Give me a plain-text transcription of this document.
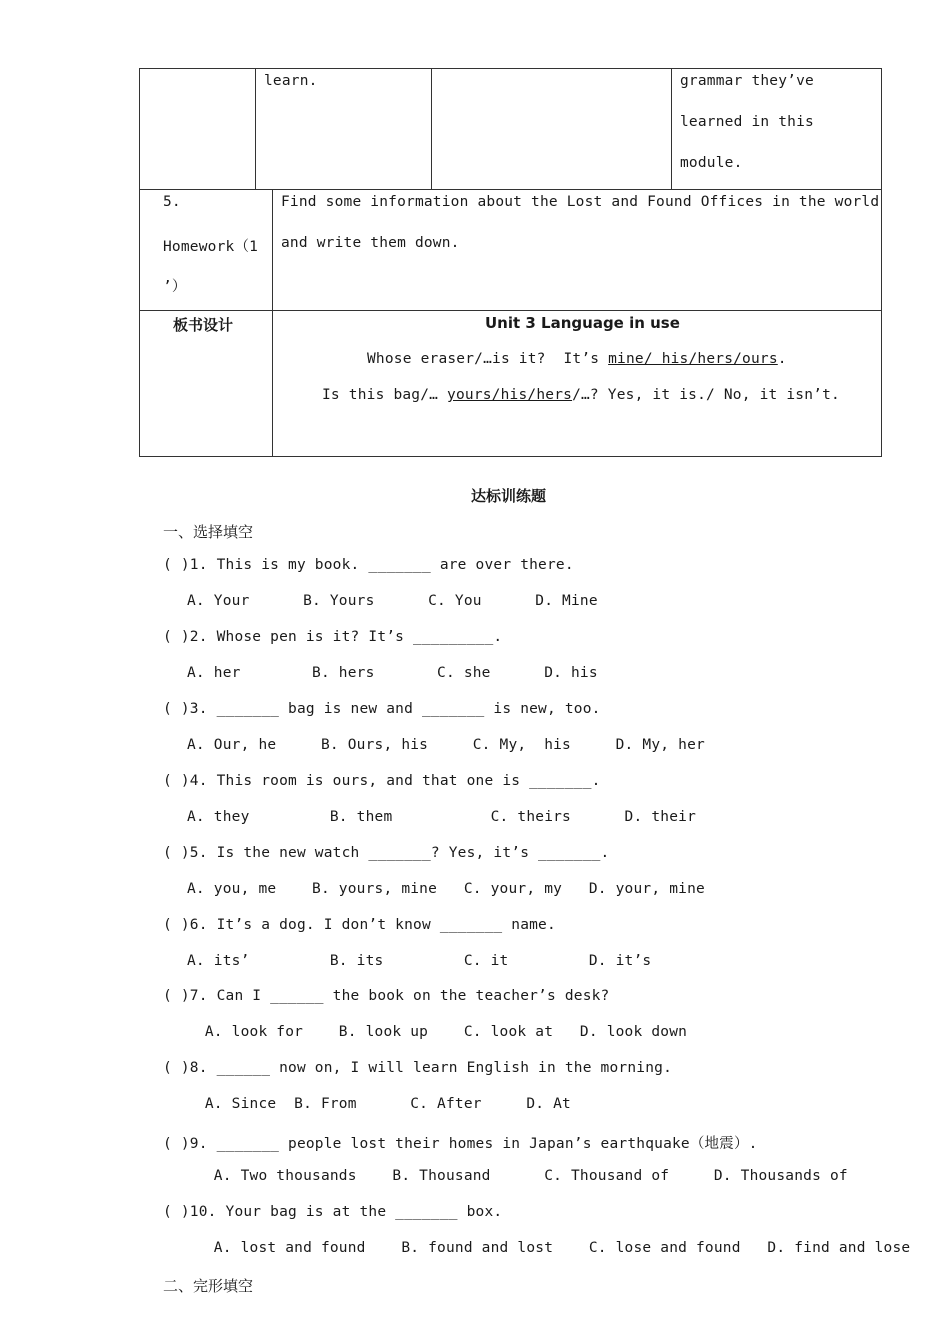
learn.	grammar they’ve
learned in this
module.
5.
Homework（1
’）
Find some information about the Lost and Found Offices in the world
and write them down.
板书设计	Unit 3 Language in use
Whose eraser/…is it?  It’s mine/ his/hers/ours.
Is this bag/… yours/his/hers/…? Yes, it is./ No, it isn’t.
达标训练题
一、选择填空
( )1. This is my book. _______ are over there.
A. Your      B. Yours      C. You      D. Mine
( )2. Whose pen is it? It’s _________.
A. her        B. hers       C. she      D. his
( )3. _______ bag is new and _______ is new, too.
A. Our, he     B. Ours, his     C. My,  his     D. My, her
( )4. This room is ours, and that one is _______.
A. they         B. them           C. theirs      D. their
( )5. Is the new watch _______? Yes, it’s _______.
A. you, me    B. yours, mine   C. your, my   D. your, mine
( )6. It’s a dog. I don’t know _______ name.
A. its’         B. its         C. it         D. it’s
( )7. Can I ______ the book on the teacher’s desk?
A. look for    B. look up    C. look at   D. look down
( )8. ______ now on, I will learn English in the morning.
A. Since  B. From      C. After     D. At
( )9. _______ people lost their homes in Japan’s earthquake（地震）.
A. Two thousands    B. Thousand      C. Thousand of     D. Thousands of
( )10. Your bag is at the _______ box.
A. lost and found    B. found and lost    C. lose and found   D. find and lose
二、完形填空
